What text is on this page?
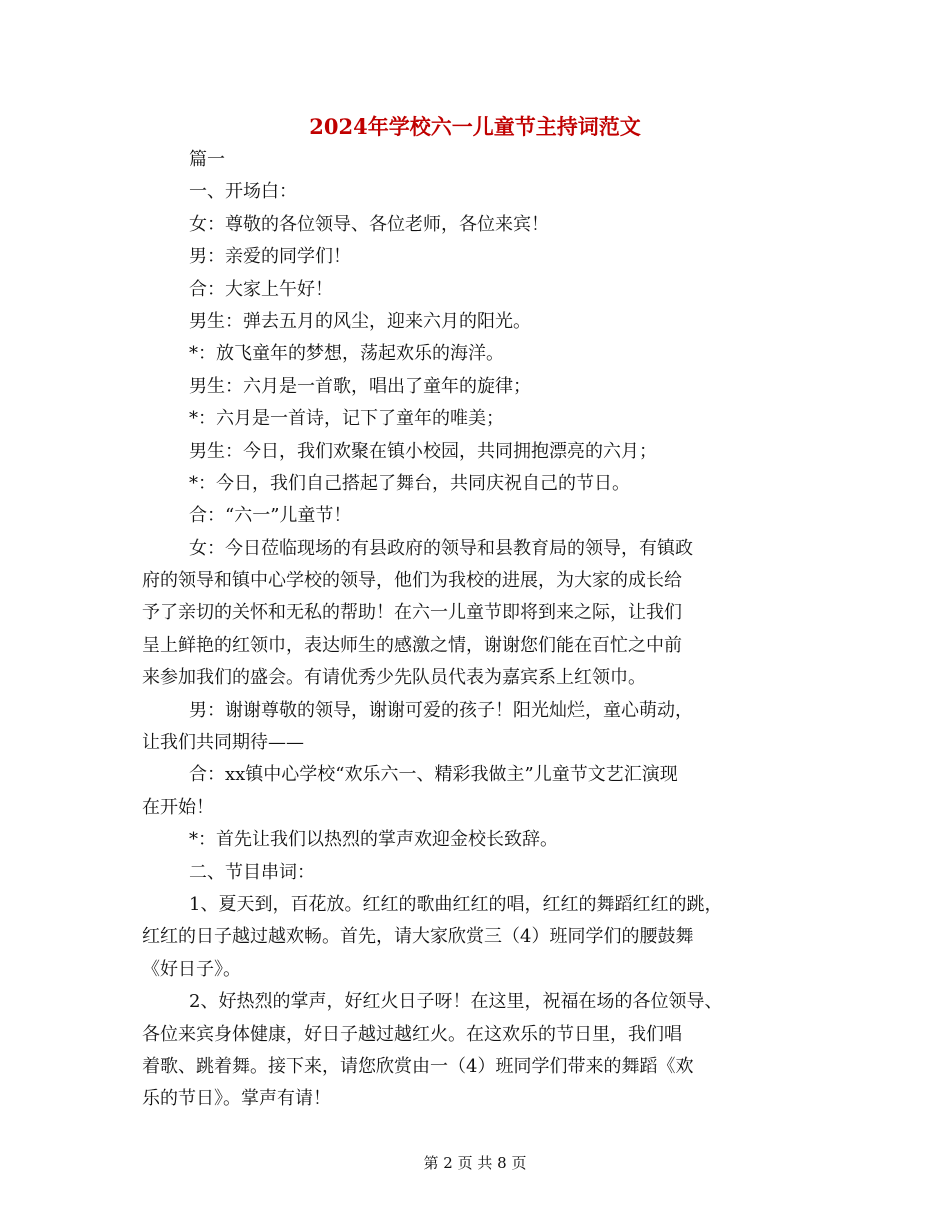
2024年学校六一儿童节主持词范文
篇一
一、开场白：
女：尊敬的各位领导、各位老师，各位来宾！
男：亲爱的同学们！
合：大家上午好！
男生：弹去五月的风尘，迎来六月的阳光。
*：放飞童年的梦想，荡起欢乐的海洋。
男生：六月是一首歌，唱出了童年的旋律；
*：六月是一首诗，记下了童年的唯美；
男生：今日，我们欢聚在镇小校园，共同拥抱漂亮的六月；
*：今日，我们自己搭起了舞台，共同庆祝自己的节日。
合：“六一”儿童节！
女：今日莅临现场的有县政府的领导和县教育局的领导，有镇政
府的领导和镇中心学校的领导，他们为我校的进展，为大家的成长给
予了亲切的关怀和无私的帮助！在六一儿童节即将到来之际，让我们
呈上鲜艳的红领巾，表达师生的感激之情，谢谢您们能在百忙之中前
来参加我们的盛会。有请优秀少先队员代表为嘉宾系上红领巾。
男：谢谢尊敬的领导，谢谢可爱的孩子！阳光灿烂，童心萌动，
让我们共同期待——
合：xx镇中心学校“欢乐六一、精彩我做主”儿童节文艺汇演现
在开始！
*：首先让我们以热烈的掌声欢迎金校长致辞。
二、节目串词：
1、夏天到，百花放。红红的歌曲红红的唱，红红的舞蹈红红的跳，
红红的日子越过越欢畅。首先，请大家欣赏三（4）班同学们的腰鼓舞
《好日子》。
2、好热烈的掌声，好红火日子呀！在这里，祝福在场的各位领导、
各位来宾身体健康，好日子越过越红火。在这欢乐的节日里，我们唱
着歌、跳着舞。接下来，请您欣赏由一（4）班同学们带来的舞蹈《欢
乐的节日》。掌声有请！
第 2 页 共 8 页
